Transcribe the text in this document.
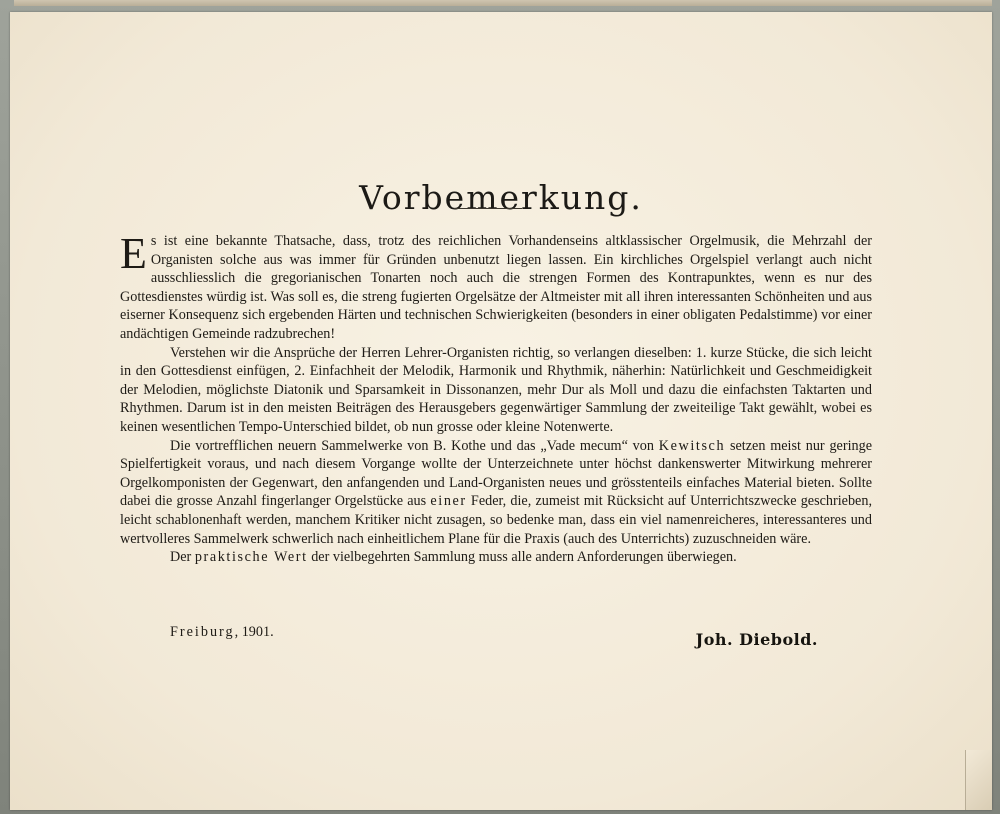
Vorbemerkung.

Es ist eine bekannte Thatsache, dass, trotz des reichlichen Vorhandenseins altklassischer Orgelmusik, die Mehrzahl der Organisten solche aus was immer für Gründen unbenutzt liegen lassen. Ein kirchliches Orgelspiel verlangt auch nicht ausschliesslich die gregorianischen Tonarten noch auch die strengen Formen des Kontrapunktes, wenn es nur des Gottesdienstes würdig ist. Was soll es, die streng fugierten Orgelsätze der Altmeister mit all ihren interessanten Schönheiten und aus eiserner Konsequenz sich ergebenden Härten und technischen Schwierigkeiten (besonders in einer obligaten Pedalstimme) vor einer andächtigen Gemeinde radzubrechen!

Verstehen wir die Ansprüche der Herren Lehrer-Organisten richtig, so verlangen dieselben: 1. kurze Stücke, die sich leicht in den Gottesdienst einfügen, 2. Einfachheit der Melodik, Harmonik und Rhythmik, näherhin: Natürlichkeit und Geschmeidigkeit der Melodien, möglichste Diatonik und Sparsamkeit in Dissonanzen, mehr Dur als Moll und dazu die einfachsten Taktarten und Rhythmen. Darum ist in den meisten Beiträgen des Herausgebers gegenwärtiger Sammlung der zweiteilige Takt gewählt, wobei es keinen wesentlichen Tempo-Unterschied bildet, ob nun grosse oder kleine Notenwerte.

Die vortrefflichen neuern Sammelwerke von B. Kothe und das „Vade mecum“ von Kewitsch setzen meist nur geringe Spielfertigkeit voraus, und nach diesem Vorgange wollte der Unterzeichnete unter höchst dankenswerter Mitwirkung mehrerer Orgelkomponisten der Gegenwart, den anfangenden und Land-Organisten neues und grösstenteils einfaches Material bieten. Sollte dabei die grosse Anzahl fingerlanger Orgelstücke aus einer Feder, die, zumeist mit Rücksicht auf Unterrichtszwecke geschrieben, leicht schablonenhaft werden, manchem Kritiker nicht zusagen, so bedenke man, dass ein viel namenreicheres, interessanteres und wertvolleres Sammelwerk schwerlich nach einheitlichem Plane für die Praxis (auch des Unterrichts) zuzuschneiden wäre.

Der praktische Wert der vielbegehrten Sammlung muss alle andern Anforderungen überwiegen.

Freiburg, 1901.	Joh. Diebold.
